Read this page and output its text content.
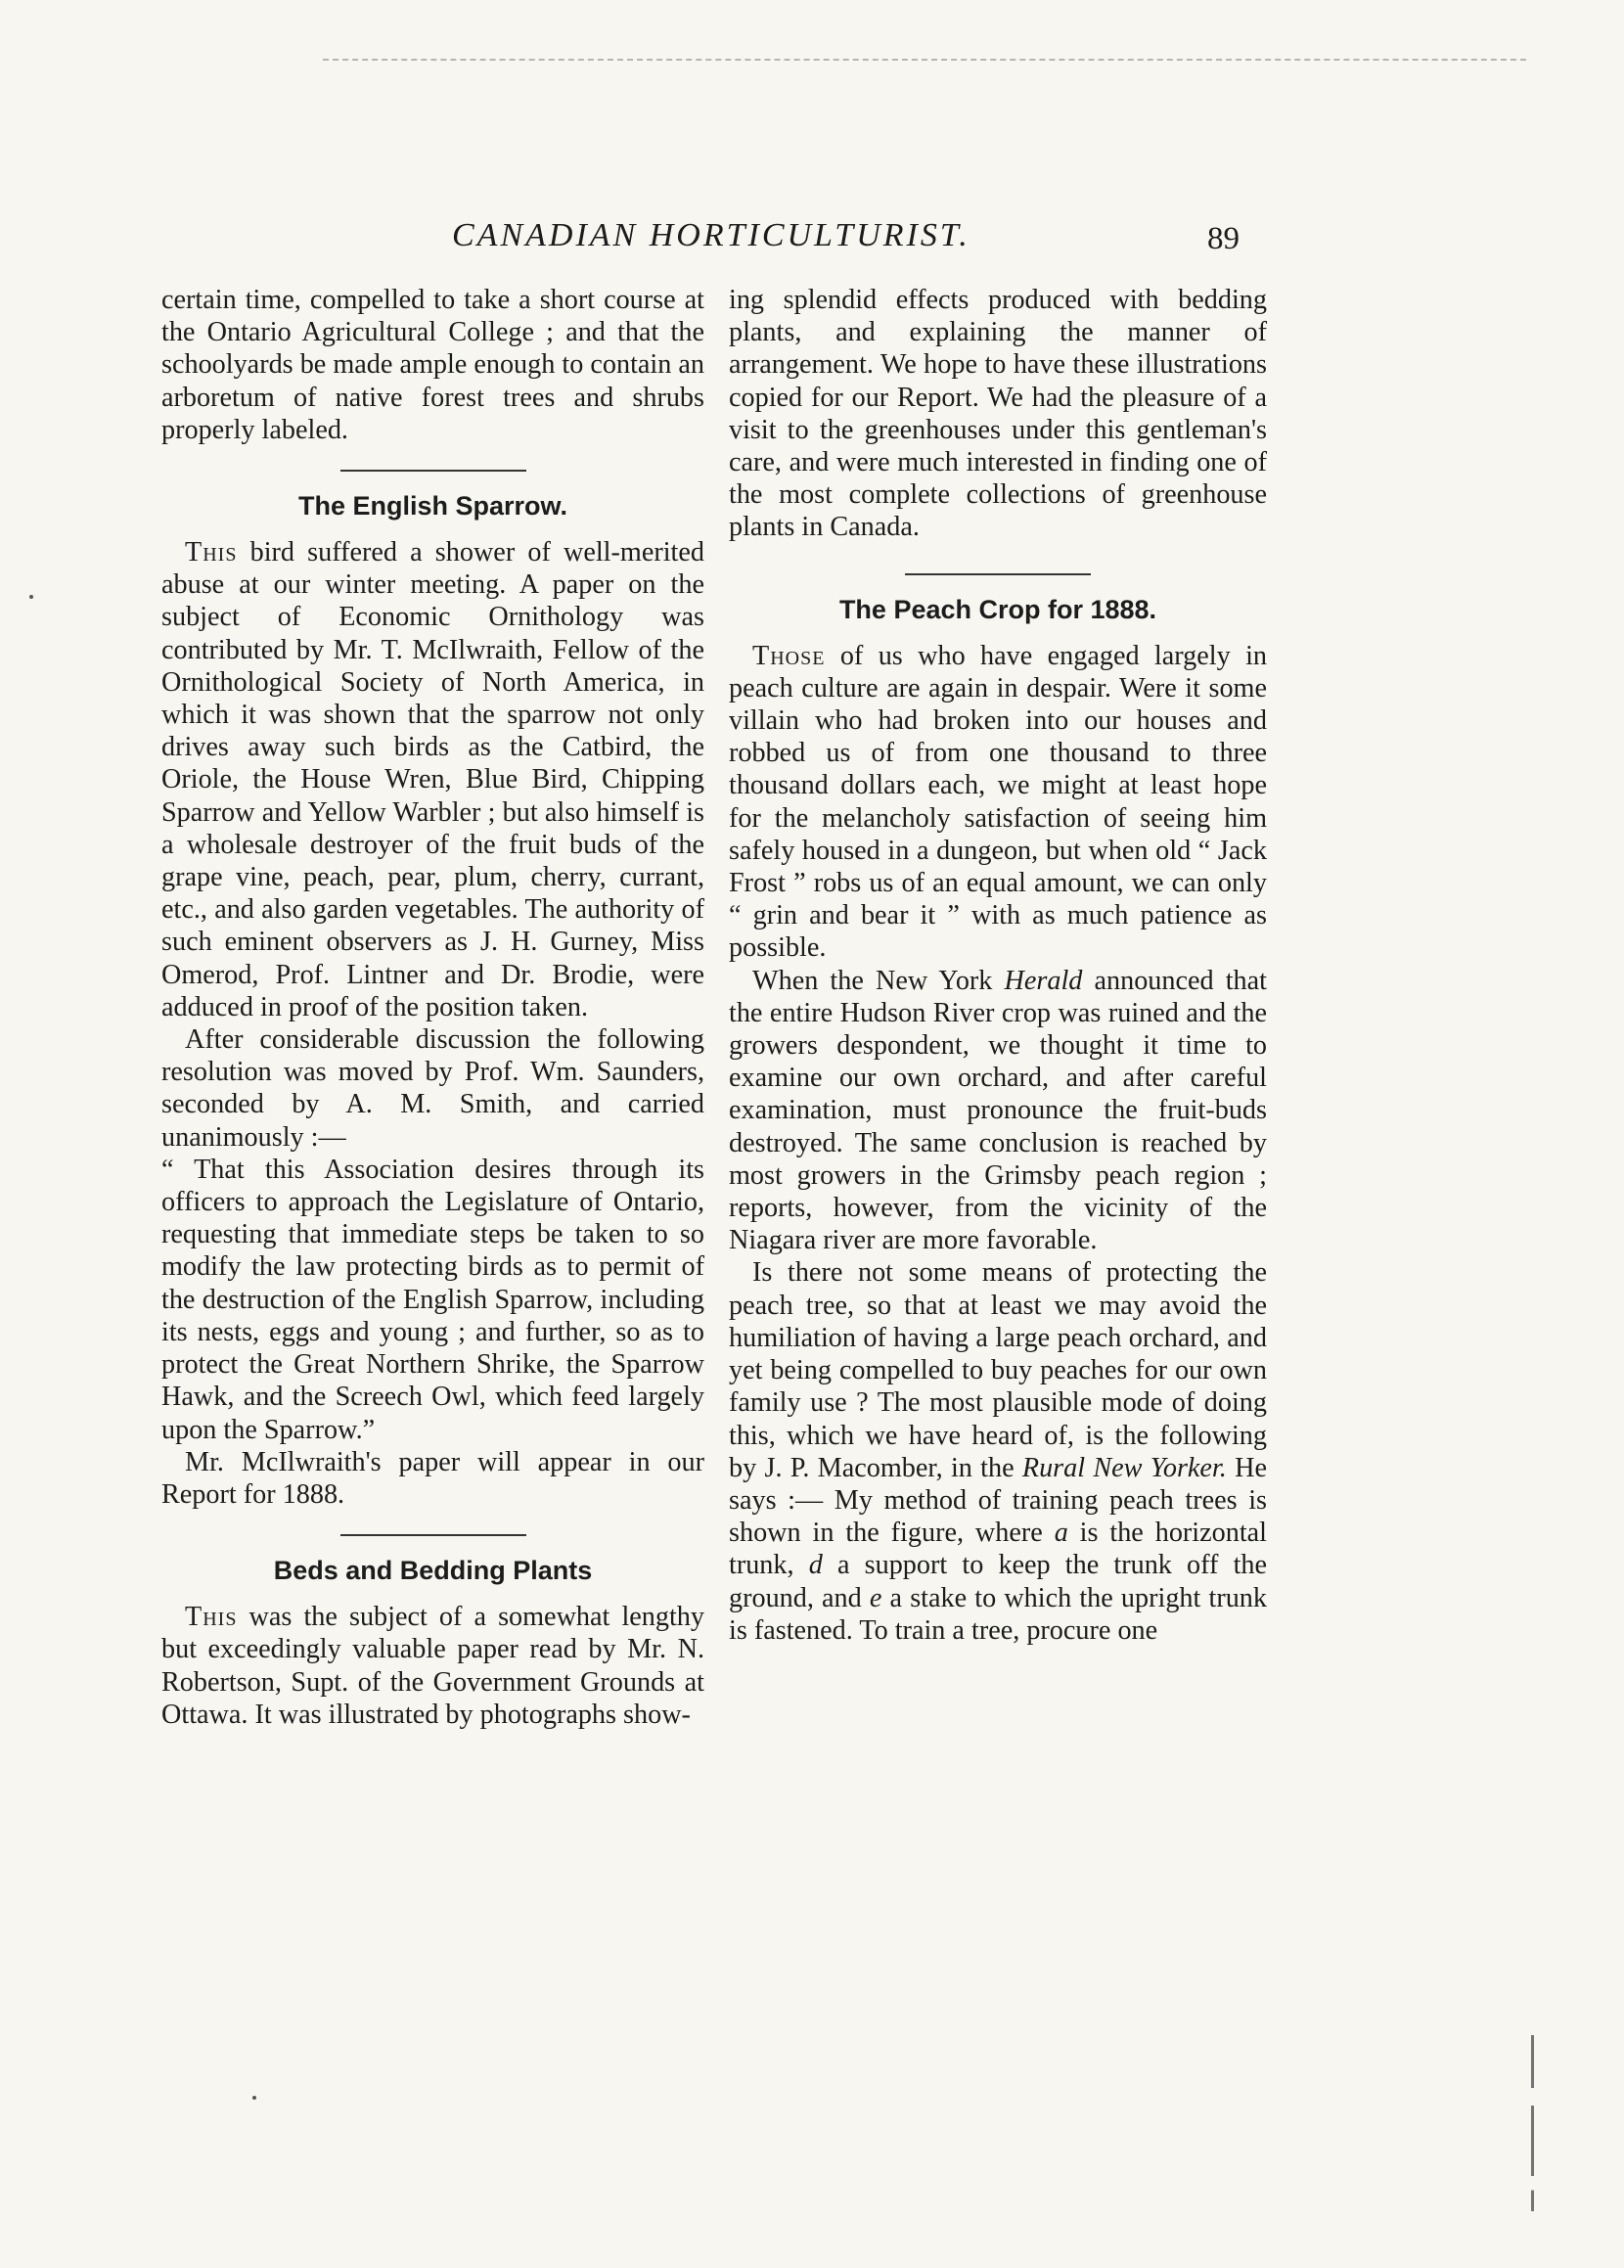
CANADIAN HORTICULTURIST.	89

certain time, compelled to take a short course at the Ontario Agricultural College ; and that the schoolyards be made ample enough to contain an arboretum of native forest trees and shrubs properly labeled.

The English Sparrow.

This bird suffered a shower of well-merited abuse at our winter meeting. A paper on the subject of Economic Ornithology was contributed by Mr. T. McIlwraith, Fellow of the Ornithological Society of North America, in which it was shown that the sparrow not only drives away such birds as the Catbird, the Oriole, the House Wren, Blue Bird, Chipping Sparrow and Yellow Warbler ; but also himself is a wholesale destroyer of the fruit buds of the grape vine, peach, pear, plum, cherry, currant, etc., and also garden vegetables. The authority of such eminent observers as J. H. Gurney, Miss Omerod, Prof. Lintner and Dr. Brodie, were adduced in proof of the position taken.

After considerable discussion the following resolution was moved by Prof. Wm. Saunders, seconded by A. M. Smith, and carried unanimously :—

“ That this Association desires through its officers to approach the Legislature of Ontario, requesting that immediate steps be taken to so modify the law protecting birds as to permit of the destruction of the English Sparrow, including its nests, eggs and young ; and further, so as to protect the Great Northern Shrike, the Sparrow Hawk, and the Screech Owl, which feed largely upon the Sparrow.”

Mr. McIlwraith's paper will appear in our Report for 1888.

Beds and Bedding Plants

This was the subject of a somewhat lengthy but exceedingly valuable paper read by Mr. N. Robertson, Supt. of the Government Grounds at Ottawa. It was illustrated by photographs show-

ing splendid effects produced with bedding plants, and explaining the manner of arrangement. We hope to have these illustrations copied for our Report. We had the pleasure of a visit to the greenhouses under this gentleman's care, and were much interested in finding one of the most complete collections of greenhouse plants in Canada.

The Peach Crop for 1888.

Those of us who have engaged largely in peach culture are again in despair. Were it some villain who had broken into our houses and robbed us of from one thousand to three thousand dollars each, we might at least hope for the melancholy satisfaction of seeing him safely housed in a dungeon, but when old “ Jack Frost ” robs us of an equal amount, we can only “ grin and bear it ” with as much patience as possible.

When the New York Herald announced that the entire Hudson River crop was ruined and the growers despondent, we thought it time to examine our own orchard, and after careful examination, must pronounce the fruit-buds destroyed. The same conclusion is reached by most growers in the Grimsby peach region ; reports, however, from the vicinity of the Niagara river are more favorable.

Is there not some means of protecting the peach tree, so that at least we may avoid the humiliation of having a large peach orchard, and yet being compelled to buy peaches for our own family use ? The most plausible mode of doing this, which we have heard of, is the following by J. P. Macomber, in the Rural New Yorker. He says :— My method of training peach trees is shown in the figure, where a is the horizontal trunk, d a support to keep the trunk off the ground, and e a stake to which the upright trunk is fastened. To train a tree, procure one
